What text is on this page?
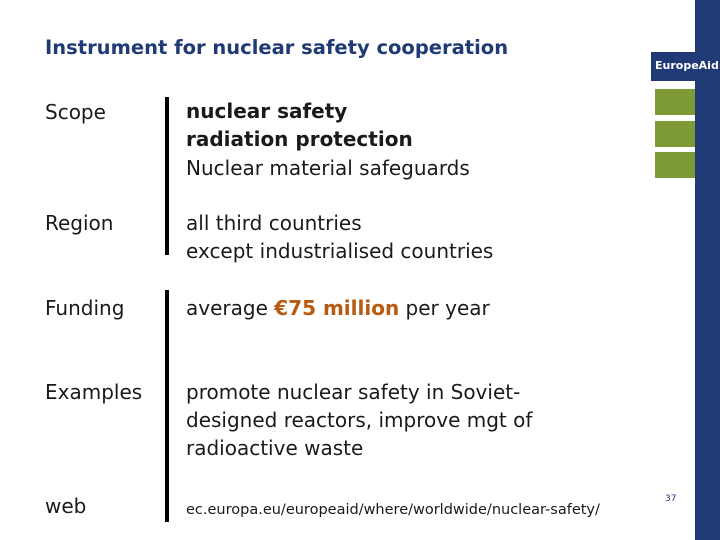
Instrument for nuclear safety cooperation
EuropeAid
Scope	nuclear safety
radiation protection
Nuclear material safeguards
Region	all third countries
except industrialised countries
Funding	average €75 million per year
Examples promote nuclear safety in Soviet-
designed reactors, improve mgt of
radioactive waste
web	ec.europa.eu/europeaid/where/worldwide/nuclear-safety/
37
